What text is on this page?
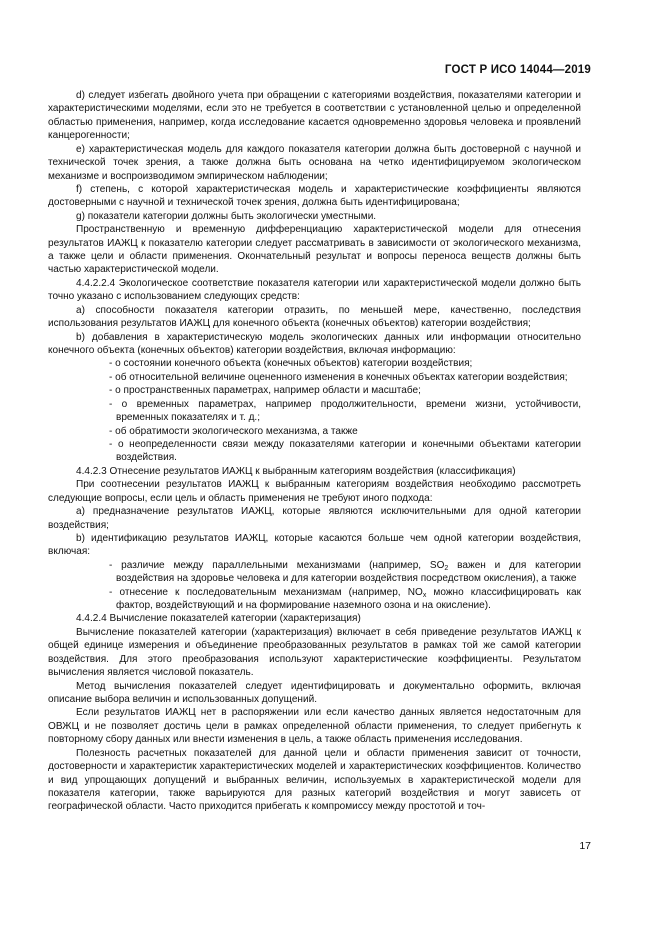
ГОСТ Р ИСО 14044—2019

d) следует избегать двойного учета при обращении с категориями воздействия, показателями категории и характеристическими моделями, если это не требуется в соответствии с установленной целью и определенной областью применения, например, когда исследование касается одновременно здоровья человека и проявлений канцерогенности;

e) характеристическая модель для каждого показателя категории должна быть достоверной с научной и технической точек зрения, а также должна быть основана на четко идентифицируемом экологическом механизме и воспроизводимом эмпирическом наблюдении;

f) степень, с которой характеристическая модель и характеристические коэффициенты являются достоверными с научной и технической точек зрения, должна быть идентифицирована;

g) показатели категории должны быть экологически уместными.

Пространственную и временную дифференциацию характеристической модели для отнесения результатов ИАЖЦ к показателю категории следует рассматривать в зависимости от экологического механизма, а также цели и области применения. Окончательный результат и вопросы переноса веществ должны быть частью характеристической модели.

4.4.2.2.4 Экологическое соответствие показателя категории или характеристической модели должно быть точно указано с использованием следующих средств:

a) способности показателя категории отразить, по меньшей мере, качественно, последствия использования результатов ИАЖЦ для конечного объекта (конечных объектов) категории воздействия;

b) добавления в характеристическую модель экологических данных или информации относительно конечного объекта (конечных объектов) категории воздействия, включая информацию:

- о состоянии конечного объекта (конечных объектов) категории воздействия;

- об относительной величине оцененного изменения в конечных объектах категории воздействия;

- о пространственных параметрах, например области и масштабе;

- о временных параметрах, например продолжительности, времени жизни, устойчивости, временных показателях и т. д.;

- об обратимости экологического механизма, а также

- о неопределенности связи между показателями категории и конечными объектами категории воздействия.

4.4.2.3 Отнесение результатов ИАЖЦ к выбранным категориям воздействия (классификация)

При соотнесении результатов ИАЖЦ к выбранным категориям воздействия необходимо рассмотреть следующие вопросы, если цель и область применения не требуют иного подхода:

a) предназначение результатов ИАЖЦ, которые являются исключительными для одной категории воздействия;

b) идентификацию результатов ИАЖЦ, которые касаются больше чем одной категории воздействия, включая:

- различие между параллельными механизмами (например, $SO_2$ важен и для категории воздействия на здоровье человека и для категории воздействия посредством окисления), а также

- отнесение к последовательным механизмам (например, $NO_x$ можно классифицировать как фактор, воздействующий и на формирование наземного озона и на окисление).

4.4.2.4 Вычисление показателей категории (характеризация)

Вычисление показателей категории (характеризация) включает в себя приведение результатов ИАЖЦ к общей единице измерения и объединение преобразованных результатов в рамках той же самой категории воздействия. Для этого преобразования используют характеристические коэффициенты. Результатом вычисления является числовой показатель.

Метод вычисления показателей следует идентифицировать и документально оформить, включая описание выбора величин и использованных допущений.

Если результатов ИАЖЦ нет в распоряжении или если качество данных является недостаточным для ОВЖЦ и не позволяет достичь цели в рамках определенной области применения, то следует прибегнуть к повторному сбору данных или внести изменения в цель, а также область применения исследования.

Полезность расчетных показателей для данной цели и области применения зависит от точности, достоверности и характеристик характеристических моделей и характеристических коэффициентов. Количество и вид упрощающих допущений и выбранных величин, используемых в характеристической модели для показателя категории, также варьируются для разных категорий воздействия и могут зависеть от географической области. Часто приходится прибегать к компромиссу между простотой и точ-

17
